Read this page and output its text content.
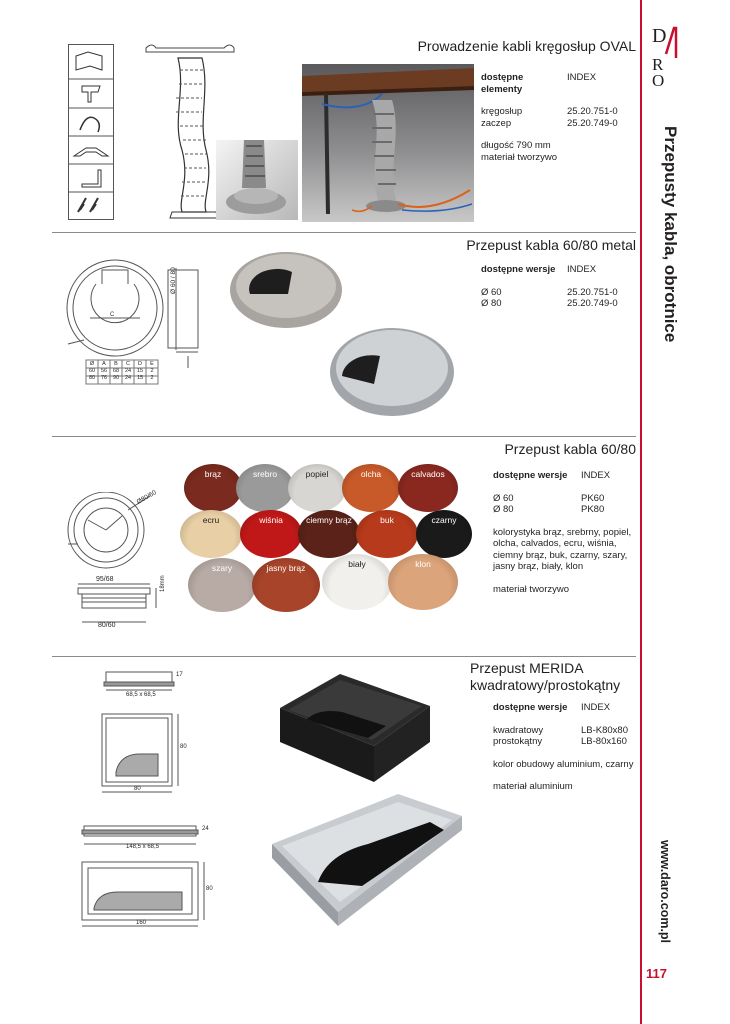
D
R
O
Przepusty kabla, obrotnice
www.daro.com.pl
117
Prowadzenie kabli kręgosłup OVAL
dostępne elementy
INDEX
kręgosłup	25.20.751-0
zaczep	25.20.749-0
długość 790 mm
materiał tworzywo
Przepust kabla 60/80 metal
C
Ø 60 / 80
Ø	A	B	C	D	E
60	56	68	24	15	2
80	76	90	24	15	2
dostępne wersje	INDEX
Ø 60	25.20.751-0
Ø 80	25.20.749-0
Przepust kabla 60/80
Ø80/60
95/68
80/60
18mm
brąz	srebro	popiel	olcha	calvados
ecru	wiśnia	ciemny brąz	buk	czarny
szary	jasny brąz	biały	klon
dostępne wersje	INDEX
Ø 60	PK60
Ø 80	PK80
kolorystyka brąz, srebrny, popiel, olcha, calvados, ecru, wiśnia, ciemny brąz, buk, czarny, szary, jasny brąz, biały, klon
materiał tworzywo
Przepust MERIDA
kwadratowy/prostokątny
68,5 x 68,5
17
80
80
148,5 x 68,5
24
160
80
dostępne wersje	INDEX
kwadratowy	LB-K80x80
prostokątny	LB-80x160
kolor obudowy aluminium, czarny
materiał aluminium
